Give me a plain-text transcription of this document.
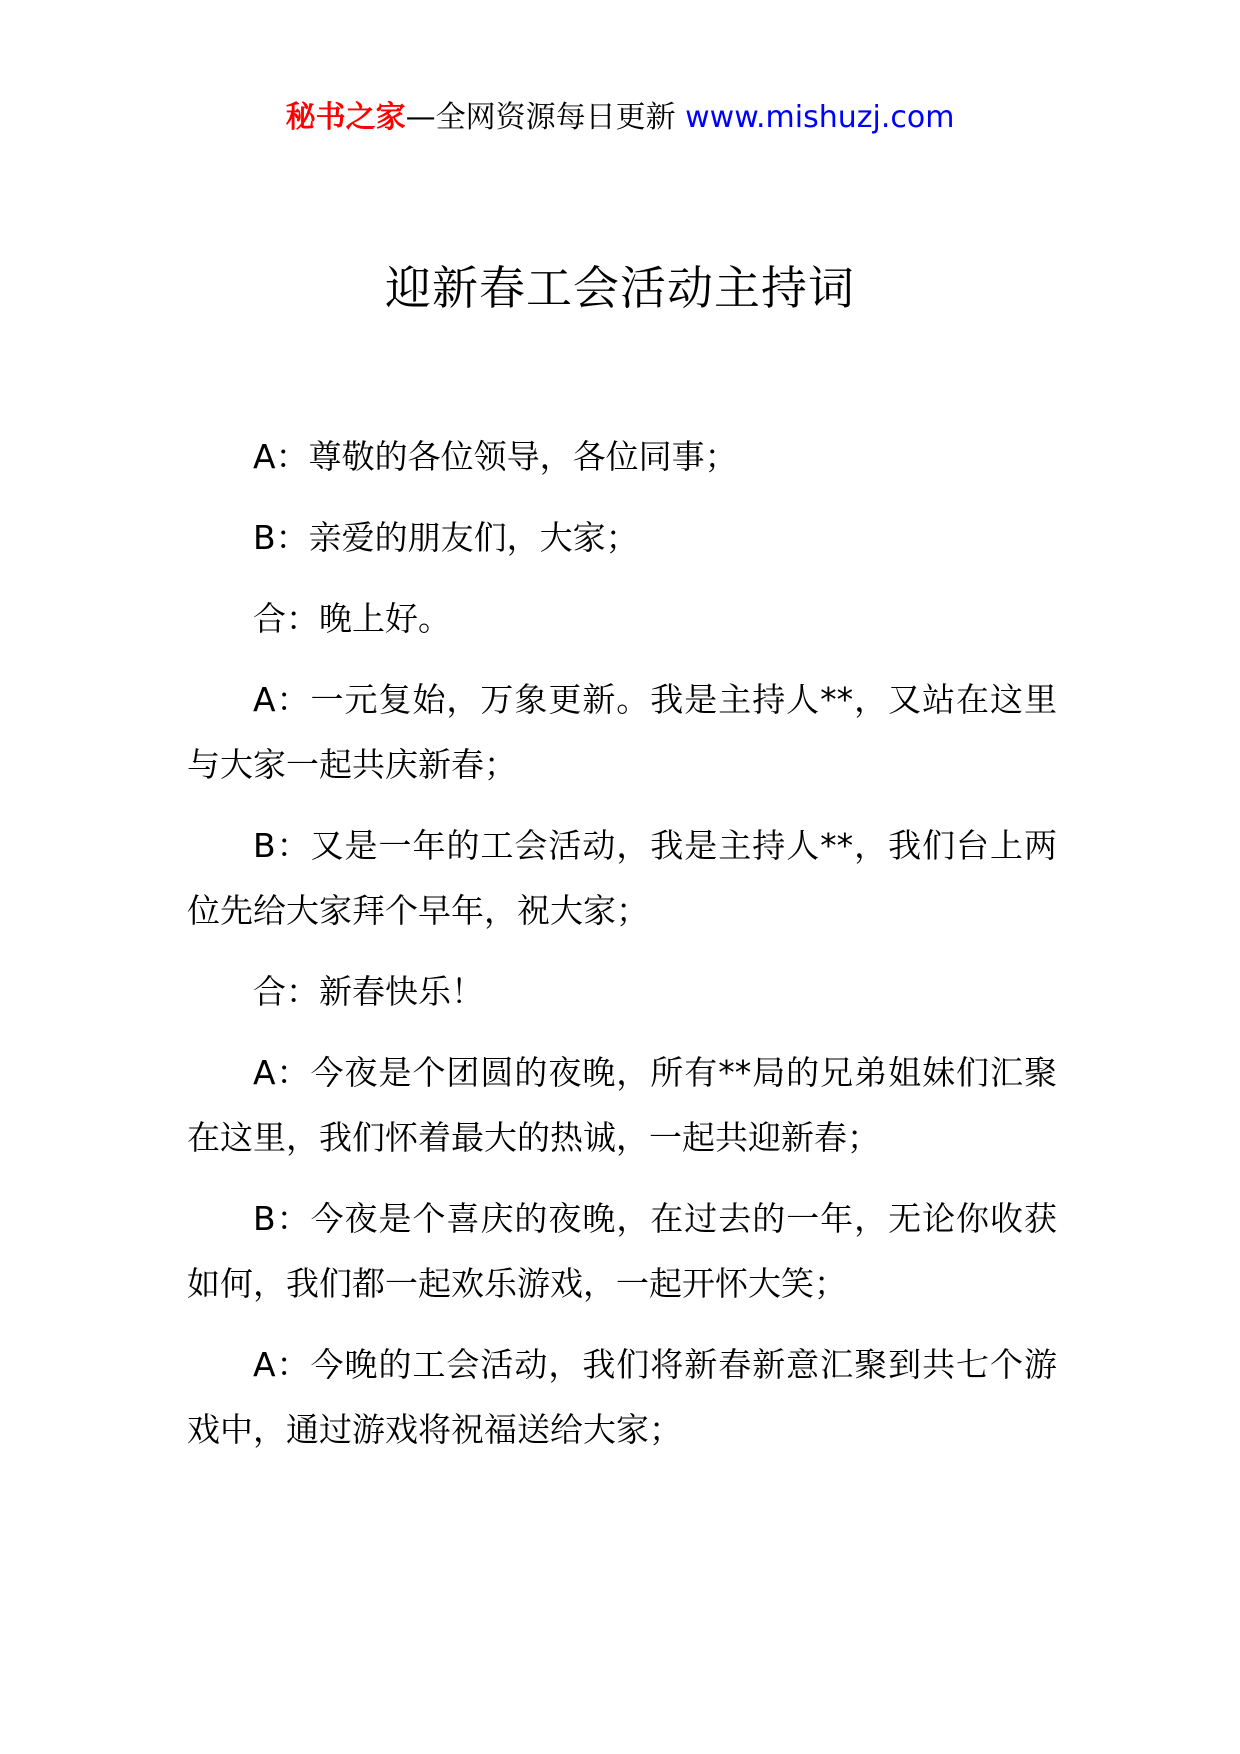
秘书之家—全网资源每日更新 www.mishuzj.com
迎新春工会活动主持词

A：尊敬的各位领导，各位同事；

B：亲爱的朋友们，大家；

合：晚上好。

A：一元复始，万象更新。我是主持人**，又站在这里与大家一起共庆新春；

B：又是一年的工会活动，我是主持人**，我们台上两位先给大家拜个早年，祝大家；

合：新春快乐！

A：今夜是个团圆的夜晚，所有**局的兄弟姐妹们汇聚在这里，我们怀着最大的热诚，一起共迎新春；

B：今夜是个喜庆的夜晚，在过去的一年，无论你收获如何，我们都一起欢乐游戏，一起开怀大笑；

A：今晚的工会活动，我们将新春新意汇聚到共七个游戏中，通过游戏将祝福送给大家；
